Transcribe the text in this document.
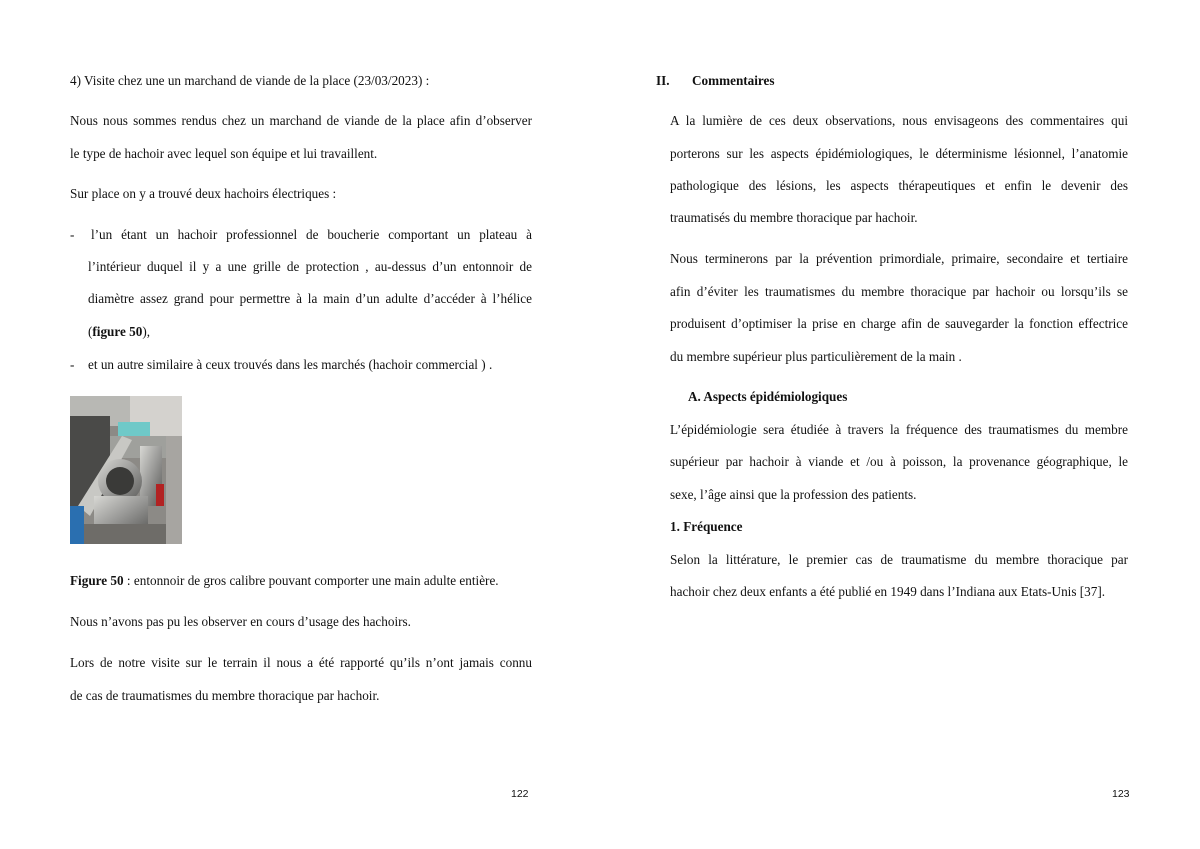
4) Visite chez une un marchand de viande de la place (23/03/2023) :
Nous nous sommes rendus chez un marchand de viande de la place afin d’observer
le type de hachoir avec lequel son équipe et lui travaillent.
Sur place on y a trouvé deux hachoirs électriques :
- l’un étant un hachoir professionnel de boucherie comportant un plateau à
l’intérieur duquel il y a une grille de protection , au-dessus d’un entonnoir de
diamètre assez grand pour permettre à la main d’un adulte d’accéder à l’hélice
(figure 50),
- et un autre similaire à ceux trouvés dans les marchés (hachoir commercial ) .
Figure 50 : entonnoir de gros calibre pouvant comporter une main adulte entière.
Nous n’avons pas pu les observer en cours d’usage des hachoirs.
Lors de notre visite sur le terrain il nous a été rapporté qu’ils n’ont jamais connu
de cas de traumatismes du membre thoracique par hachoir.
122
II. Commentaires
A la lumière de ces deux observations, nous envisageons des commentaires qui
porterons sur les aspects épidémiologiques, le déterminisme lésionnel, l’anatomie
pathologique des lésions, les aspects thérapeutiques et enfin le devenir des
traumatisés du membre thoracique par hachoir.
Nous terminerons par la prévention primordiale, primaire, secondaire et tertiaire
afin d’éviter les traumatismes du membre thoracique par hachoir ou lorsqu’ils se
produisent d’optimiser la prise en charge afin de sauvegarder la fonction effectrice
du membre supérieur plus particulièrement de la main .
A. Aspects épidémiologiques
L’épidémiologie sera étudiée à travers la fréquence des traumatismes du membre
supérieur par hachoir à viande et /ou à poisson, la provenance géographique, le
sexe, l’âge ainsi que la profession des patients.
1. Fréquence
Selon la littérature, le premier cas de traumatisme du membre thoracique par
hachoir chez deux enfants a été publié en 1949 dans l’Indiana aux Etats-Unis [37].
123
